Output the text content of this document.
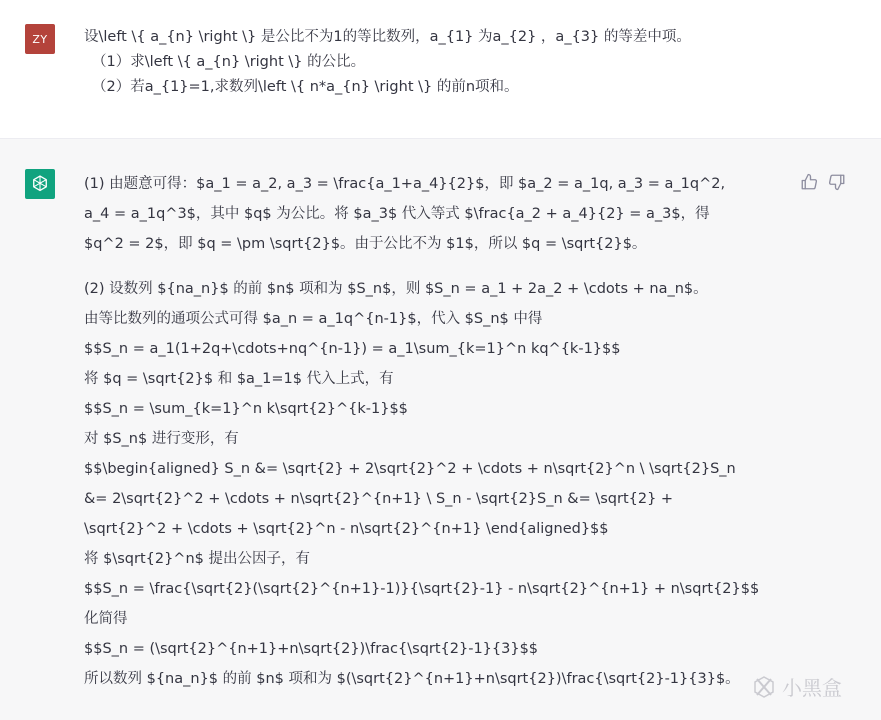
ZY	设\left \{ a_{n} \right \} 是公比不为1的等比数列，a_{1} 为a_{2} ，a_{3} 的等差中项。
（1）求\left \{ a_{n} \right \} 的公比。
（2）若a_{1}=1,求数列\left \{ n*a_{n} \right \} 的前n项和。
(1) 由题意可得：$a_1 = a_2, a_3 = \frac{a_1+a_4}{2}$，即 $a_2 = a_1q, a_3 = a_1q^2,
a_4 = a_1q^3$，其中 $q$ 为公比。将 $a_3$ 代入等式 $\frac{a_2 + a_4}{2} = a_3$，得
$q^2 = 2$，即 $q = \pm \sqrt{2}$。由于公比不为 $1$，所以 $q = \sqrt{2}$。
(2) 设数列 ${na_n}$ 的前 $n$ 项和为 $S_n$，则 $S_n = a_1 + 2a_2 + \cdots + na_n$。
由等比数列的通项公式可得 $a_n = a_1q^{n-1}$，代入 $S_n$ 中得
$$S_n = a_1(1+2q+\cdots+nq^{n-1}) = a_1\sum_{k=1}^n kq^{k-1}$$
将 $q = \sqrt{2}$ 和 $a_1=1$ 代入上式，有
$$S_n = \sum_{k=1}^n k\sqrt{2}^{k-1}$$
对 $S_n$ 进行变形，有
$$\begin{aligned} S_n &= \sqrt{2} + 2\sqrt{2}^2 + \cdots + n\sqrt{2}^n \ \sqrt{2}S_n
&= 2\sqrt{2}^2 + \cdots + n\sqrt{2}^{n+1} \ S_n - \sqrt{2}S_n &= \sqrt{2} +
\sqrt{2}^2 + \cdots + \sqrt{2}^n - n\sqrt{2}^{n+1} \end{aligned}$$
将 $\sqrt{2}^n$ 提出公因子，有
$$S_n = \frac{\sqrt{2}(\sqrt{2}^{n+1}-1)}{\sqrt{2}-1} - n\sqrt{2}^{n+1} + n\sqrt{2}$$
化简得
$$S_n = (\sqrt{2}^{n+1}+n\sqrt{2})\frac{\sqrt{2}-1}{3}$$
所以数列 ${na_n}$ 的前 $n$ 项和为 $(\sqrt{2}^{n+1}+n\sqrt{2})\frac{\sqrt{2}-1}{3}$。	小黑盒
